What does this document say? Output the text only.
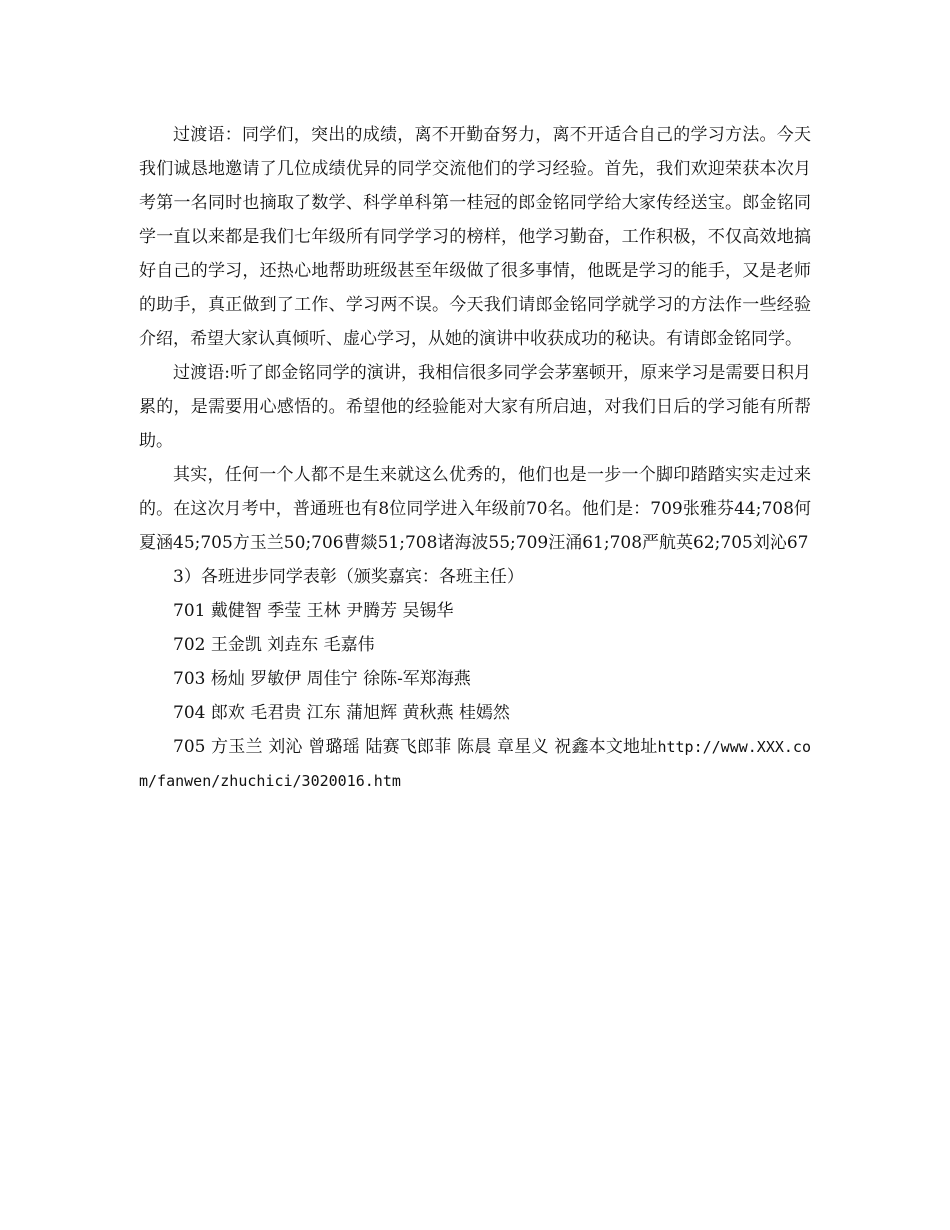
过渡语：同学们，突出的成绩，离不开勤奋努力，离不开适合自己的学习方法。今天我们诚恳地邀请了几位成绩优异的同学交流他们的学习经验。首先，我们欢迎荣获本次月考第一名同时也摘取了数学、科学单科第一桂冠的郎金铭同学给大家传经送宝。郎金铭同学一直以来都是我们七年级所有同学学习的榜样，他学习勤奋，工作积极，不仅高效地搞好自己的学习，还热心地帮助班级甚至年级做了很多事情，他既是学习的能手，又是老师的助手，真正做到了工作、学习两不误。今天我们请郎金铭同学就学习的方法作一些经验介绍，希望大家认真倾听、虚心学习，从她的演讲中收获成功的秘诀。有请郎金铭同学。

过渡语:听了郎金铭同学的演讲，我相信很多同学会茅塞顿开，原来学习是需要日积月累的，是需要用心感悟的。希望他的经验能对大家有所启迪，对我们日后的学习能有所帮助。

其实，任何一个人都不是生来就这么优秀的，他们也是一步一个脚印踏踏实实走过来的。在这次月考中，普通班也有8位同学进入年级前70名。他们是：709张雅芬44;708何夏涵45;705方玉兰50;706曹燚51;708诸海波55;709汪涌61;708严航英62;705刘沁67

3）各班进步同学表彰（颁奖嘉宾：各班主任）

701 戴健智 季莹 王林 尹腾芳 吴锡华

702 王金凯 刘垚东 毛嘉伟

703 杨灿 罗敏伊 周佳宁 徐陈-军郑海燕

704 郎欢 毛君贵 江东 蒲旭辉 黄秋燕 桂嫣然

705 方玉兰 刘沁 曾璐瑶 陆赛飞郎菲 陈晨 章星义 祝鑫本文地址http://www.XXX.com/fanwen/zhuchici/3020016.htm
